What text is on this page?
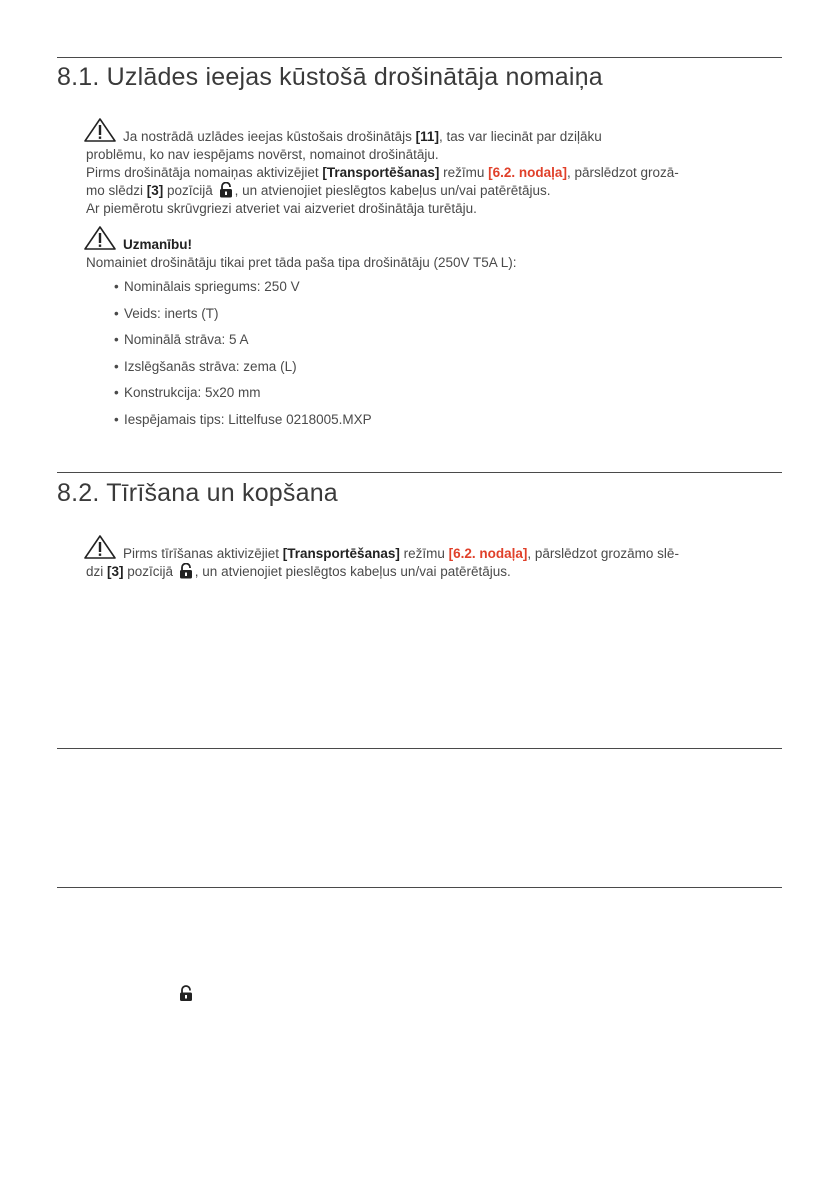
8.1. Uzlādes ieejas kūstošā drošinātāja nomaiņa
Ja nostrādā uzlādes ieejas kūstošais drošinātājs [11], tas var liecināt par dziļāku
problēmu, ko nav iespējams novērst, nomainot drošinātāju.
Pirms drošinātāja nomaiņas aktivizējiet [Transportēšanas] režīmu [6.2. nodaļa], pārslēdzot grozā-
mo slēdzi [3] pozīcijā , un atvienojiet pieslēgtos kabeļus un/vai patērētājus.
Ar piemērotu skrūvgriezi atveriet vai aizveriet drošinātāja turētāju.
Uzmanību!
Nomainiet drošinātāju tikai pret tāda paša tipa drošinātāju (250V T5A L):
• Nominālais spriegums: 250 V
• Veids: inerts (T)
• Nominālā strāva: 5 A
• Izslēgšanās strāva: zema (L)
• Konstrukcija: 5x20 mm
• Iespējamais tips: Littelfuse 0218005.MXP
8.2. Tīrīšana un kopšana
Pirms tīrīšanas aktivizējiet [Transportēšanas] režīmu [6.2. nodaļa], pārslēdzot grozāmo slē-
dzi [3] pozīcijā , un atvienojiet pieslēgtos kabeļus un/vai patērētājus.
